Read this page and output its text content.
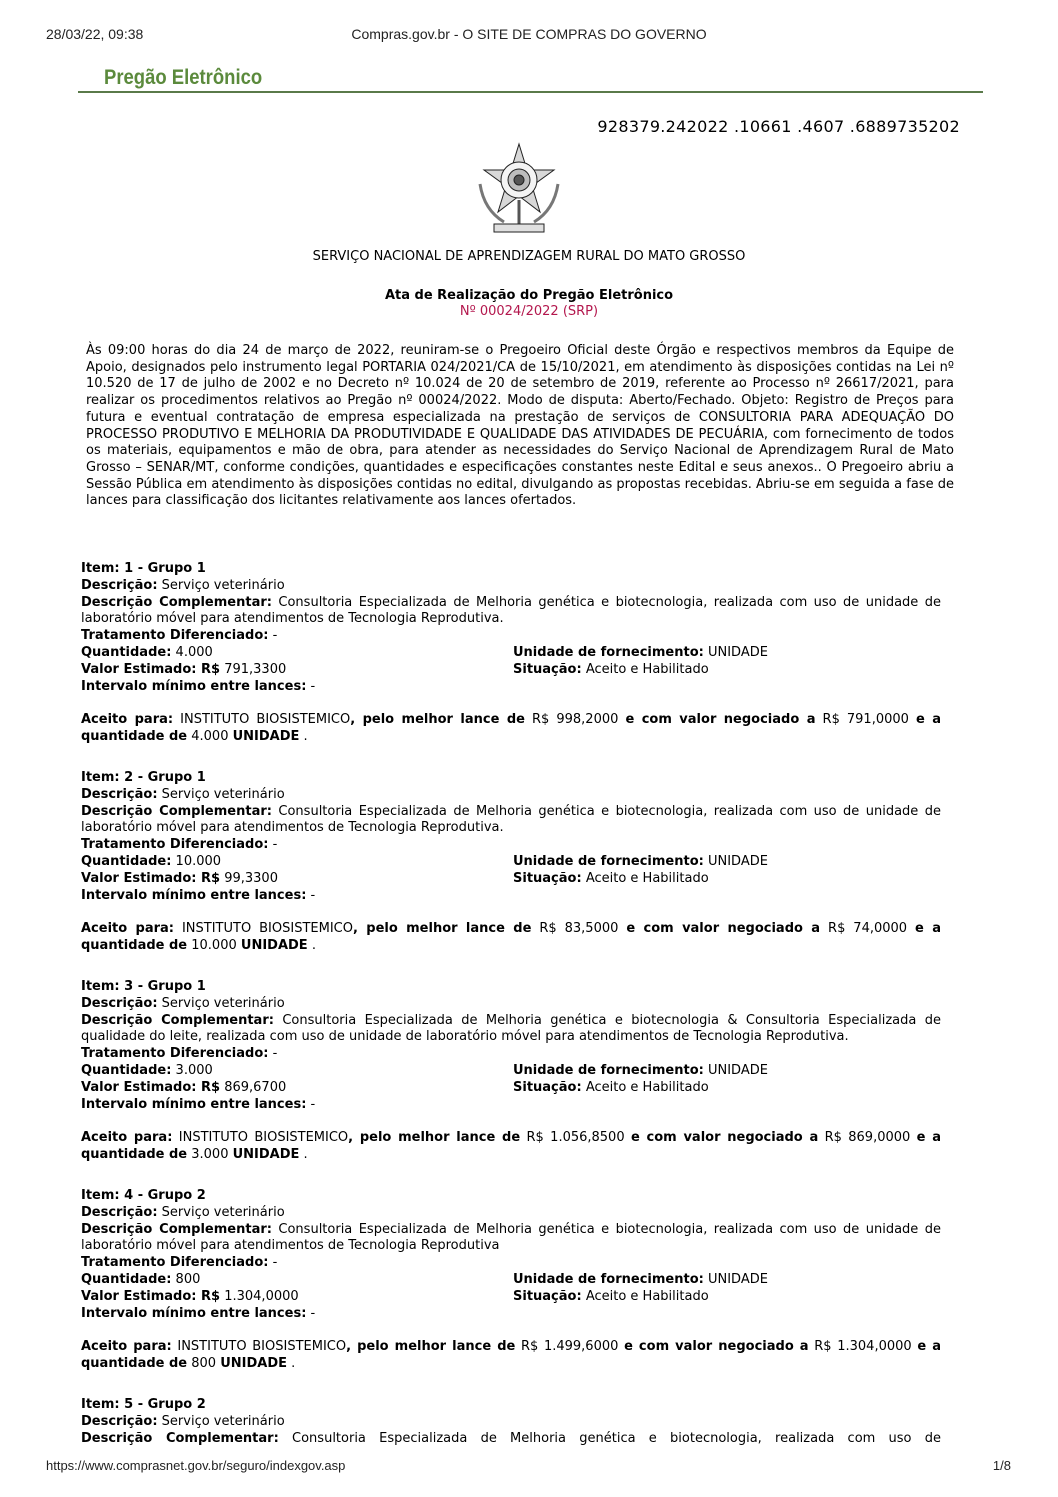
28/03/22, 09:38	Compras.gov.br - O SITE DE COMPRAS DO GOVERNO
Pregão Eletrônico
928379.242022 .10661 .4607 .6889735202
SERVIÇO NACIONAL DE APRENDIZAGEM RURAL DO MATO GROSSO
Ata de Realização do Pregão Eletrônico
Nº 00024/2022 (SRP)
Às 09:00 horas do dia 24 de março de 2022, reuniram-se o Pregoeiro Oficial deste Órgão e respectivos membros da Equipe de Apoio, designados pelo instrumento legal PORTARIA 024/2021/CA de 15/10/2021, em atendimento às disposições contidas na Lei nº 10.520 de 17 de julho de 2002 e no Decreto nº 10.024 de 20 de setembro de 2019, referente ao Processo nº 26617/2021, para realizar os procedimentos relativos ao Pregão nº 00024/2022. Modo de disputa: Aberto/Fechado. Objeto: Registro de Preços para futura e eventual contratação de empresa especializada na prestação de serviços de CONSULTORIA PARA ADEQUAÇÃO DO PROCESSO PRODUTIVO E MELHORIA DA PRODUTIVIDADE E QUALIDADE DAS ATIVIDADES DE PECUÁRIA, com fornecimento de todos os materiais, equipamentos e mão de obra, para atender as necessidades do Serviço Nacional de Aprendizagem Rural de Mato Grosso – SENAR/MT, conforme condições, quantidades e especificações constantes neste Edital e seus anexos.. O Pregoeiro abriu a Sessão Pública em atendimento às disposições contidas no edital, divulgando as propostas recebidas. Abriu-se em seguida a fase de lances para classificação dos licitantes relativamente aos lances ofertados.
Item: 1 - Grupo 1
Descrição: Serviço veterinário
Descrição Complementar: Consultoria Especializada de Melhoria genética e biotecnologia, realizada com uso de unidade de laboratório móvel para atendimentos de Tecnologia Reprodutiva.
Tratamento Diferenciado: -
Quantidade: 4.000	Unidade de fornecimento: UNIDADE
Valor Estimado: R$ 791,3300	Situação: Aceito e Habilitado
Intervalo mínimo entre lances: -
Aceito para: INSTITUTO BIOSISTEMICO, pelo melhor lance de R$ 998,2000 e com valor negociado a R$ 791,0000 e a quantidade de 4.000 UNIDADE .
Item: 2 - Grupo 1
Descrição: Serviço veterinário
Descrição Complementar: Consultoria Especializada de Melhoria genética e biotecnologia, realizada com uso de unidade de laboratório móvel para atendimentos de Tecnologia Reprodutiva.
Tratamento Diferenciado: -
Quantidade: 10.000	Unidade de fornecimento: UNIDADE
Valor Estimado: R$ 99,3300	Situação: Aceito e Habilitado
Intervalo mínimo entre lances: -
Aceito para: INSTITUTO BIOSISTEMICO, pelo melhor lance de R$ 83,5000 e com valor negociado a R$ 74,0000 e a quantidade de 10.000 UNIDADE .
Item: 3 - Grupo 1
Descrição: Serviço veterinário
Descrição Complementar: Consultoria Especializada de Melhoria genética e biotecnologia & Consultoria Especializada de qualidade do leite, realizada com uso de unidade de laboratório móvel para atendimentos de Tecnologia Reprodutiva.
Tratamento Diferenciado: -
Quantidade: 3.000	Unidade de fornecimento: UNIDADE
Valor Estimado: R$ 869,6700	Situação: Aceito e Habilitado
Intervalo mínimo entre lances: -
Aceito para: INSTITUTO BIOSISTEMICO, pelo melhor lance de R$ 1.056,8500 e com valor negociado a R$ 869,0000 e a quantidade de 3.000 UNIDADE .
Item: 4 - Grupo 2
Descrição: Serviço veterinário
Descrição Complementar: Consultoria Especializada de Melhoria genética e biotecnologia, realizada com uso de unidade de laboratório móvel para atendimentos de Tecnologia Reprodutiva
Tratamento Diferenciado: -
Quantidade: 800	Unidade de fornecimento: UNIDADE
Valor Estimado: R$ 1.304,0000	Situação: Aceito e Habilitado
Intervalo mínimo entre lances: -
Aceito para: INSTITUTO BIOSISTEMICO, pelo melhor lance de R$ 1.499,6000 e com valor negociado a R$ 1.304,0000 e a quantidade de 800 UNIDADE .
Item: 5 - Grupo 2
Descrição: Serviço veterinário
Descrição Complementar: Consultoria Especializada de Melhoria genética e biotecnologia, realizada com uso de
https://www.comprasnet.gov.br/seguro/indexgov.asp	1/8
